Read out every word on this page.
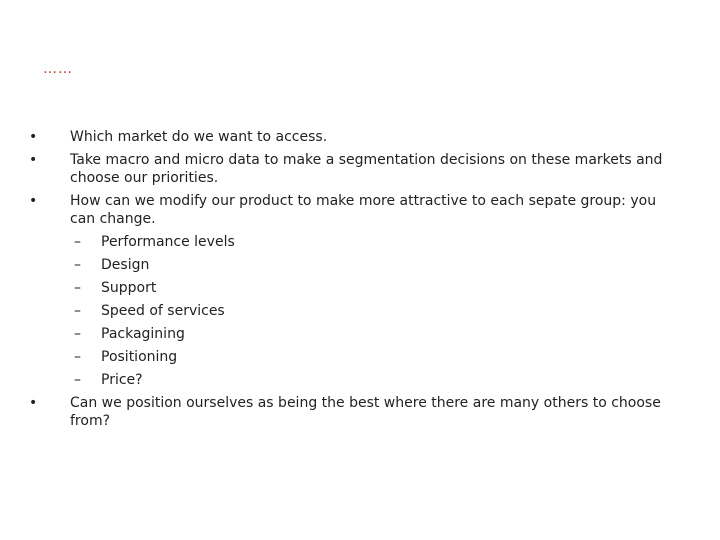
……
• Which market do we want to access.
• Take macro and micro data to make a segmentation decisions on these markets and choose our priorities.
• How can we modify our product to make more attractive to each sepate group: you can change.
– Performance levels
– Design
– Support
– Speed of services
– Packagining
– Positioning
– Price?
• Can we position ourselves as being the best where there are many others to choose from?
